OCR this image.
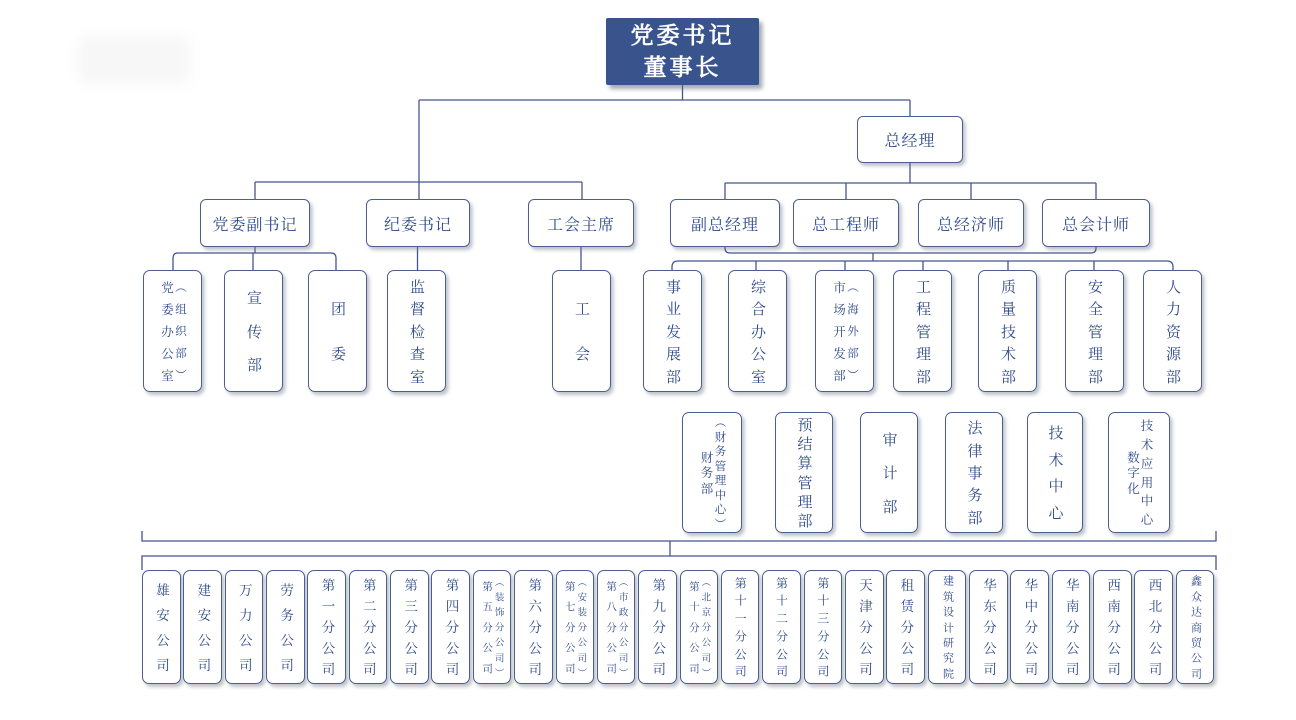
党委书记
董事长
总经理
党委副书记	纪委书记	工会主席	副总经理	总工程师	总经济师	总会计师
党
委
办
公
室
（
组
织
部
）
宣
传
部
团
委
监
督
检
查
室
工
会
事
业
发
展
部
综
合
办
公
室
市
场
开
发
部
（
海
外
部
）
工
程
管
理
部
质
量
技
术
部
安
全
管
理
部
人
力
资
源
部
财
务
部
（
财
务
管
理
中
心
）
预
结
算
管
理
部
审
计
部
法
律
事
务
部
技
术
中
心
数
字
化
技
术
应
用
中
心
雄
安
公
司
建
安
公
司
万
力
公
司
劳
务
公
司
第
一
分
公
司
第
二
分
公
司
第
三
分
公
司
第
四
分
公
司
第
五
分
公
司
（
装
饰
分
公
司
）
第
六
分
公
司
第
七
分
公
司
（
安
装
分
公
司
）
第
八
分
公
司
（
市
政
分
公
司
）
第
九
分
公
司
第
十
分
公
司
（
北
京
分
公
司
）
第
十
一
分
公
司
第
十
二
分
公
司
第
十
三
分
公
司
天
津
分
公
司
租
赁
分
公
司
建
筑
设
计
研
究
院
华
东
分
公
司
华
中
分
公
司
华
南
分
公
司
西
南
分
公
司
西
北
分
公
司
鑫
众
达
商
贸
公
司
